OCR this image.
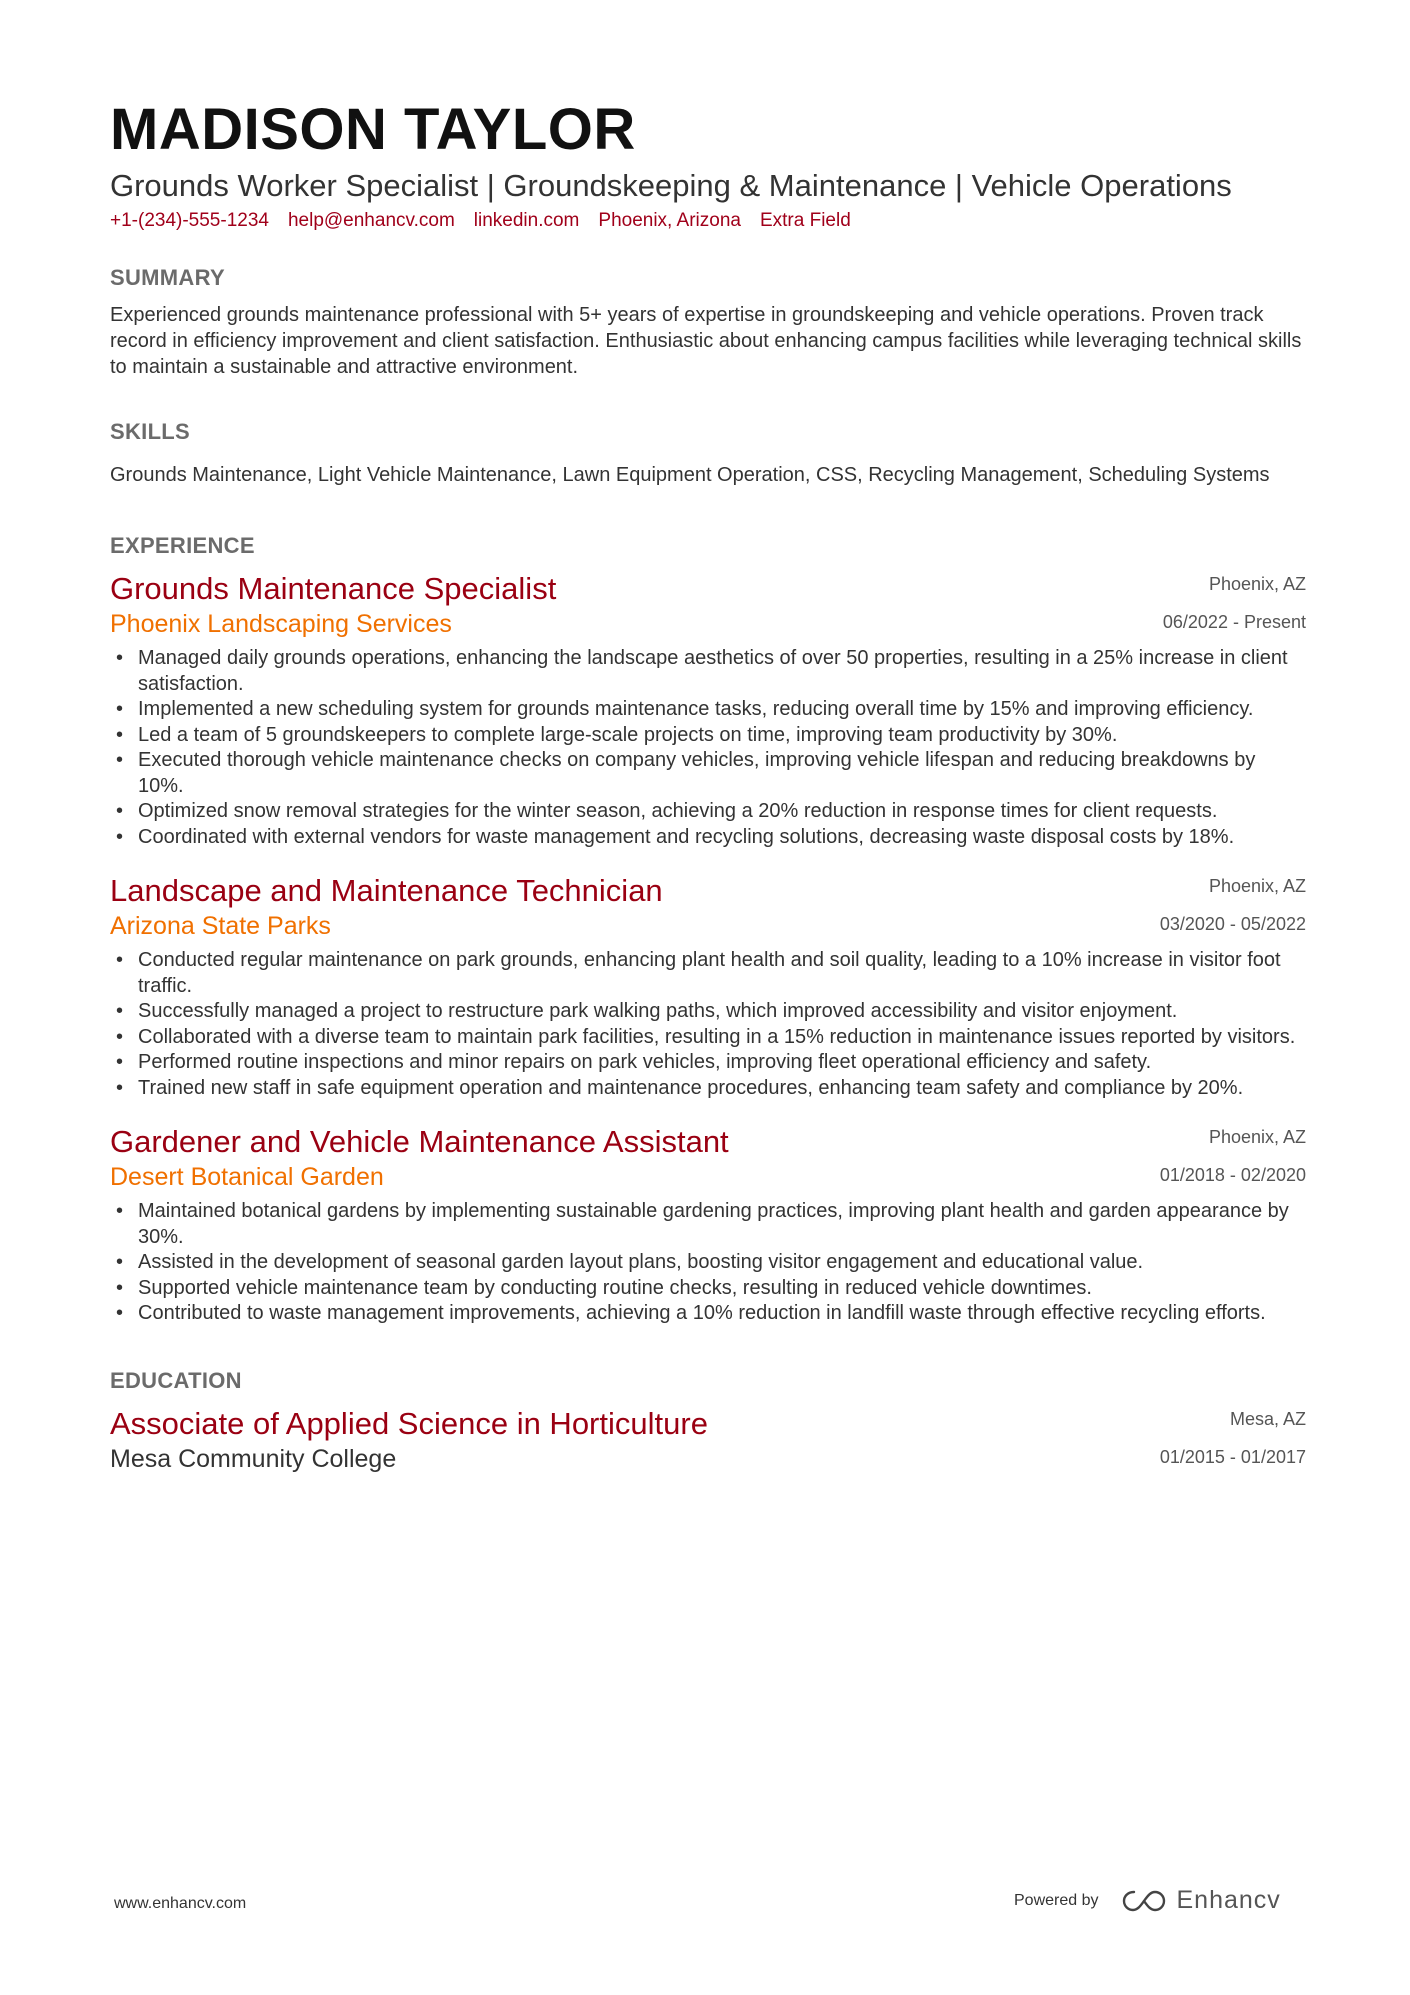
MADISON TAYLOR
Grounds Worker Specialist | Groundskeeping & Maintenance | Vehicle Operations
+1-(234)-555-1234 help@enhancv.com linkedin.com Phoenix, Arizona Extra Field
SUMMARY
Experienced grounds maintenance professional with 5+ years of expertise in groundskeeping and vehicle operations. Proven track record in efficiency improvement and client satisfaction. Enthusiastic about enhancing campus facilities while leveraging technical skills to maintain a sustainable and attractive environment.
SKILLS
Grounds Maintenance, Light Vehicle Maintenance, Lawn Equipment Operation, CSS, Recycling Management, Scheduling Systems
EXPERIENCE
Grounds Maintenance Specialist	Phoenix, AZ
Phoenix Landscaping Services	06/2022 - Present
• Managed daily grounds operations, enhancing the landscape aesthetics of over 50 properties, resulting in a 25% increase in client satisfaction.
• Implemented a new scheduling system for grounds maintenance tasks, reducing overall time by 15% and improving efficiency.
• Led a team of 5 groundskeepers to complete large-scale projects on time, improving team productivity by 30%.
• Executed thorough vehicle maintenance checks on company vehicles, improving vehicle lifespan and reducing breakdowns by 10%.
• Optimized snow removal strategies for the winter season, achieving a 20% reduction in response times for client requests.
• Coordinated with external vendors for waste management and recycling solutions, decreasing waste disposal costs by 18%.
Landscape and Maintenance Technician	Phoenix, AZ
Arizona State Parks	03/2020 - 05/2022
• Conducted regular maintenance on park grounds, enhancing plant health and soil quality, leading to a 10% increase in visitor foot traffic.
• Successfully managed a project to restructure park walking paths, which improved accessibility and visitor enjoyment.
• Collaborated with a diverse team to maintain park facilities, resulting in a 15% reduction in maintenance issues reported by visitors.
• Performed routine inspections and minor repairs on park vehicles, improving fleet operational efficiency and safety.
• Trained new staff in safe equipment operation and maintenance procedures, enhancing team safety and compliance by 20%.
Gardener and Vehicle Maintenance Assistant	Phoenix, AZ
Desert Botanical Garden	01/2018 - 02/2020
• Maintained botanical gardens by implementing sustainable gardening practices, improving plant health and garden appearance by 30%.
• Assisted in the development of seasonal garden layout plans, boosting visitor engagement and educational value.
• Supported vehicle maintenance team by conducting routine checks, resulting in reduced vehicle downtimes.
• Contributed to waste management improvements, achieving a 10% reduction in landfill waste through effective recycling efforts.
EDUCATION
Associate of Applied Science in Horticulture	Mesa, AZ
Mesa Community College	01/2015 - 01/2017
www.enhancv.com	Powered by	Enhancv
